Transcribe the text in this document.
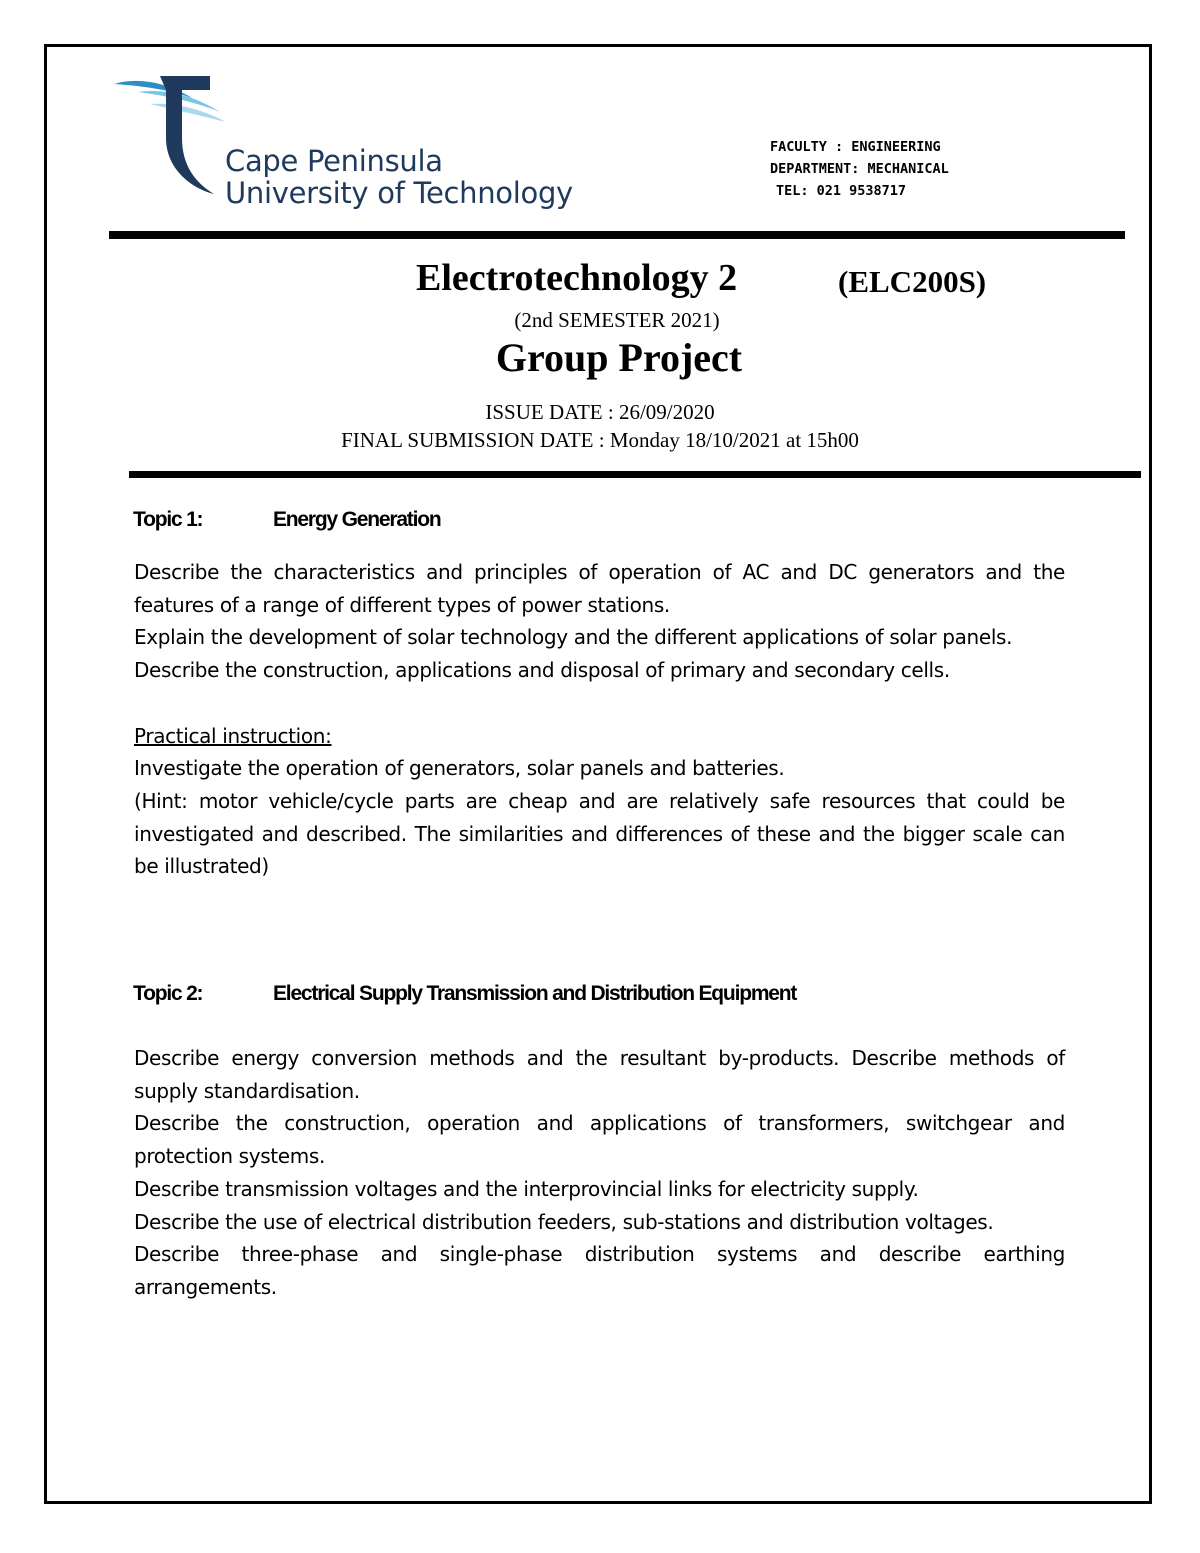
Cape Peninsula
University of Technology
FACULTY : ENGINEERING
DEPARTMENT: MECHANICAL
TEL: 021 9538717
Electrotechnology 2	(ELC200S)
(2nd SEMESTER 2021)
Group Project
ISSUE DATE : 26/09/2020
FINAL SUBMISSION DATE : Monday 18/10/2021 at 15h00
Topic 1:	Energy Generation

Describe the characteristics and principles of operation of AC and DC generators and the features of a range of different types of power stations.

Explain the development of solar technology and the different applications of solar panels.

Describe the construction, applications and disposal of primary and secondary cells.

Practical instruction:

Investigate the operation of generators, solar panels and batteries.

(Hint: motor vehicle/cycle parts are cheap and are relatively safe resources that could be investigated and described. The similarities and differences of these and the bigger scale can be illustrated)

Topic 2:	Electrical Supply Transmission and Distribution Equipment

Describe energy conversion methods and the resultant by-products. Describe methods of supply standardisation.

Describe the construction, operation and applications of transformers, switchgear and protection systems.

Describe transmission voltages and the interprovincial links for electricity supply.

Describe the use of electrical distribution feeders, sub-stations and distribution voltages.

Describe three-phase and single-phase distribution systems and describe earthing arrangements.
